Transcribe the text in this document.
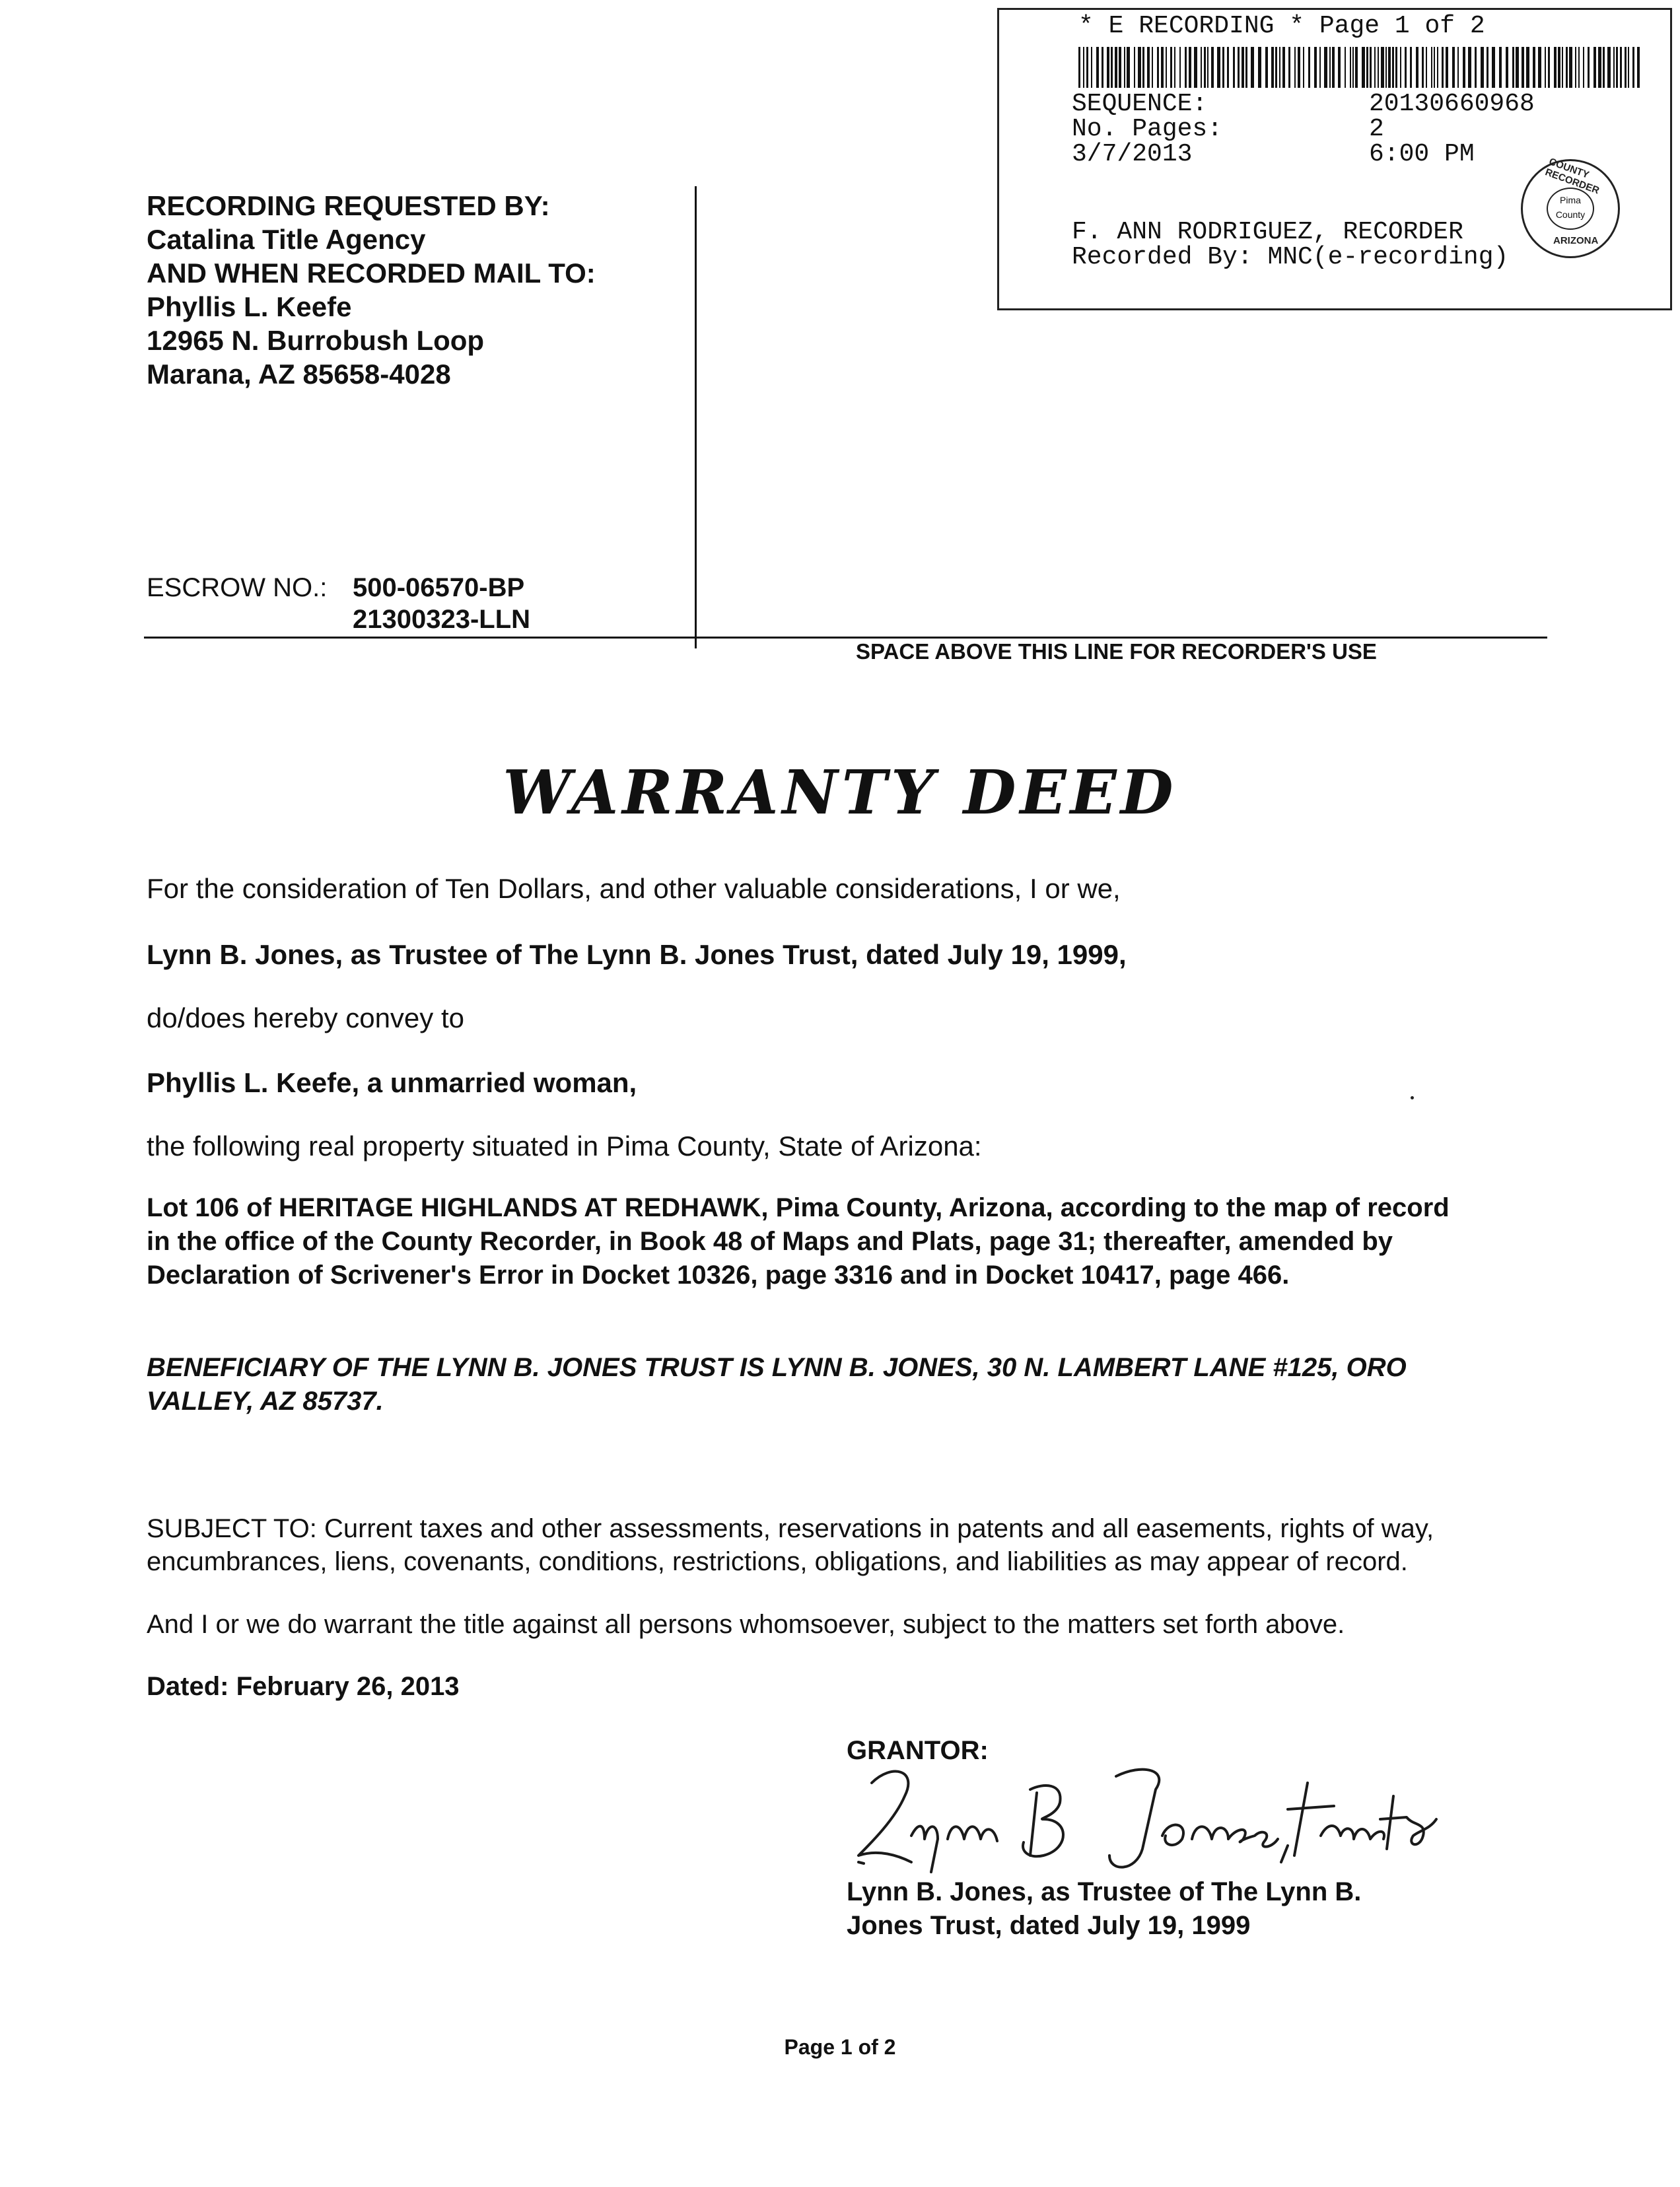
* E RECORDING * Page 1 of 2
SEQUENCE:	20130660968
No. Pages:	2
3/7/2013	6:00 PM
F. ANN RODRIGUEZ, RECORDER
Recorded By: MNC(e-recording)
COUNTY RECORDER
Pima
County
ARIZONA
RECORDING REQUESTED BY:
Catalina Title Agency
AND WHEN RECORDED MAIL TO:
Phyllis L. Keefe
12965 N. Burrobush Loop
Marana, AZ 85658-4028
ESCROW NO.: 500-06570-BP
21300323-LLN
SPACE ABOVE THIS LINE FOR RECORDER'S USE
WARRANTY DEED
For the consideration of Ten Dollars, and other valuable considerations, I or we,
Lynn B. Jones, as Trustee of The Lynn B. Jones Trust, dated July 19, 1999,
do/does hereby convey to
Phyllis L. Keefe, a unmarried woman,
the following real property situated in Pima County, State of Arizona:
Lot 106 of HERITAGE HIGHLANDS AT REDHAWK, Pima County, Arizona, according to the map of record in the office of the County Recorder, in Book 48 of Maps and Plats, page 31; thereafter, amended by Declaration of Scrivener's Error in Docket 10326, page 3316 and in Docket 10417, page 466.
BENEFICIARY OF THE LYNN B. JONES TRUST IS LYNN B. JONES, 30 N. LAMBERT LANE #125, ORO VALLEY, AZ 85737.
SUBJECT TO: Current taxes and other assessments, reservations in patents and all easements, rights of way, encumbrances, liens, covenants, conditions, restrictions, obligations, and liabilities as may appear of record.
And I or we do warrant the title against all persons whomsoever, subject to the matters set forth above.
Dated: February 26, 2013
GRANTOR:
Lynn B. Jones, as Trustee of The Lynn B.
Jones Trust, dated July 19, 1999
Page 1 of 2
